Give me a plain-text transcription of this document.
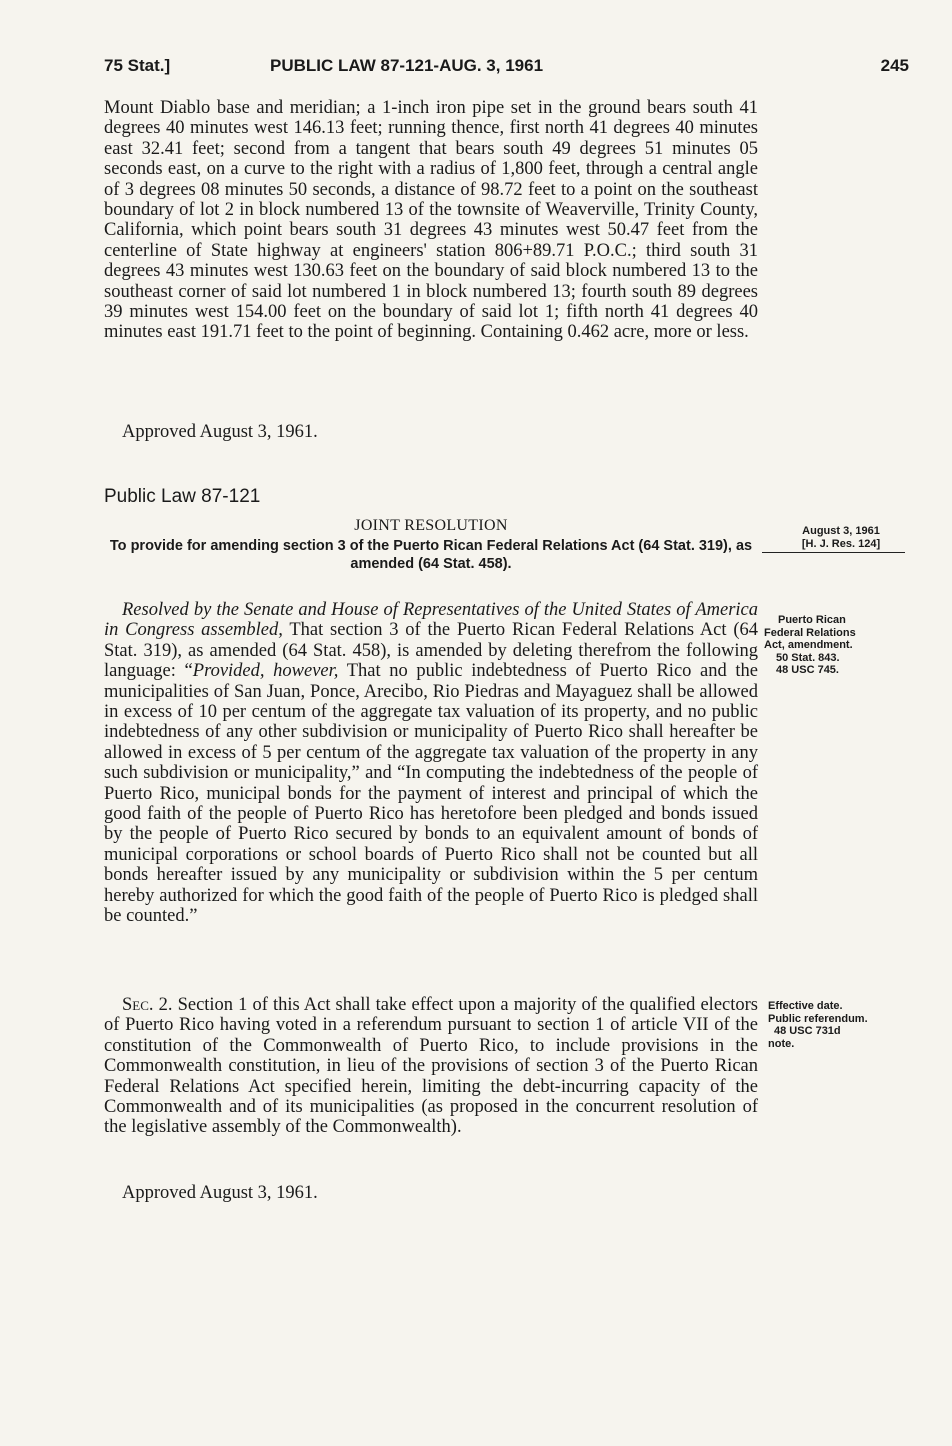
75 Stat.]	PUBLIC LAW 87-121-AUG. 3, 1961	245
Mount Diablo base and meridian; a 1-inch iron pipe set in the ground bears south 41 degrees 40 minutes west 146.13 feet; running thence, first north 41 degrees 40 minutes east 32.41 feet; second from a tangent that bears south 49 degrees 51 minutes 05 seconds east, on a curve to the right with a radius of 1,800 feet, through a central angle of 3 degrees 08 minutes 50 seconds, a distance of 98.72 feet to a point on the southeast boundary of lot 2 in block numbered 13 of the townsite of Weaverville, Trinity County, California, which point bears south 31 degrees 43 minutes west 50.47 feet from the centerline of State highway at engineers' station 806+89.71 P.O.C.; third south 31 degrees 43 minutes west 130.63 feet on the boundary of said block numbered 13 to the southeast corner of said lot numbered 1 in block numbered 13; fourth south 89 degrees 39 minutes west 154.00 feet on the boundary of said lot 1; fifth north 41 degrees 40 minutes east 191.71 feet to the point of beginning. Containing 0.462 acre, more or less.
Approved August 3, 1961.
Public Law 87-121
JOINT RESOLUTION
To provide for amending section 3 of the Puerto Rican Federal Relations Act (64 Stat. 319), as amended (64 Stat. 458).
August 3, 1961
[H. J. Res. 124]
Resolved by the Senate and House of Representatives of the United States of America in Congress assembled, That section 3 of the Puerto Rican Federal Relations Act (64 Stat. 319), as amended (64 Stat. 458), is amended by deleting therefrom the following language: “Provided, however, That no public indebtedness of Puerto Rico and the municipalities of San Juan, Ponce, Arecibo, Rio Piedras and Mayaguez shall be allowed in excess of 10 per centum of the aggregate tax valuation of its property, and no public indebtedness of any other subdivision or municipality of Puerto Rico shall hereafter be allowed in excess of 5 per centum of the aggregate tax valuation of the property in any such subdivision or municipality,” and “In computing the indebtedness of the people of Puerto Rico, municipal bonds for the payment of interest and principal of which the good faith of the people of Puerto Rico has heretofore been pledged and bonds issued by the people of Puerto Rico secured by bonds to an equivalent amount of bonds of municipal corporations or school boards of Puerto Rico shall not be counted but all bonds hereafter issued by any municipality or subdivision within the 5 per centum hereby authorized for which the good faith of the people of Puerto Rico is pledged shall be counted.”
Puerto Rican
Federal Relations
Act, amendment.
50 Stat. 843.
48 USC 745.
Sec. 2. Section 1 of this Act shall take effect upon a majority of the qualified electors of Puerto Rico having voted in a referendum pursuant to section 1 of article VII of the constitution of the Commonwealth of Puerto Rico, to include provisions in the Commonwealth constitution, in lieu of the provisions of section 3 of the Puerto Rican Federal Relations Act specified herein, limiting the debt-incurring capacity of the Commonwealth and of its municipalities (as proposed in the concurrent resolution of the legislative assembly of the Commonwealth).
Effective date.
Public referendum.
48 USC 731d
note.
Approved August 3, 1961.
